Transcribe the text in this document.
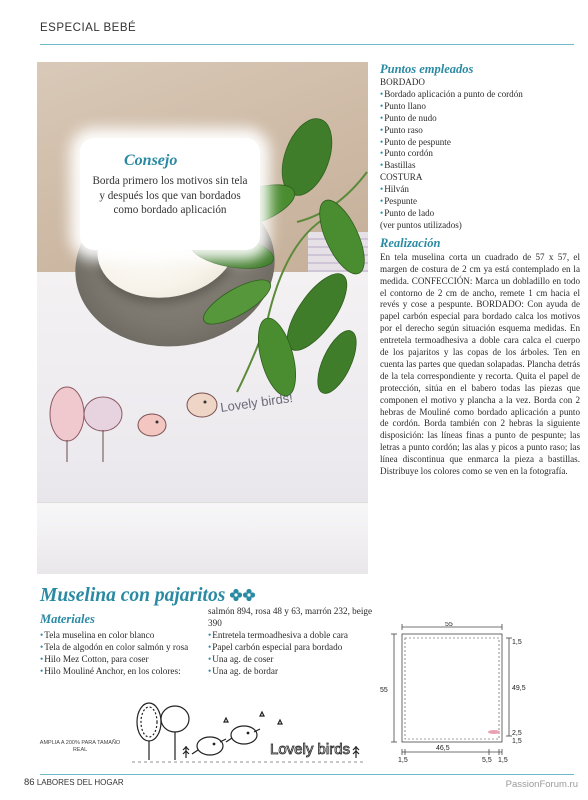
ESPECIAL BEBÉ
Lovely birds!
Consejo
Borda primero los motivos sin tela y después los que van bordados como bordado aplicación
Puntos empleados
BORDADO
• Bordado aplicación a punto de cordón
• Punto llano
• Punto de nudo
• Punto raso
• Punto de pespunte
• Punto cordón
• Bastillas
COSTURA
• Hilván
• Pespunte
• Punto de lado
(ver puntos utilizados)
Realización
En tela muselina corta un cuadrado de 57 x 57, el margen de costura de 2 cm ya está contemplado en la medida. CONFECCIÓN: Marca un dobladillo en todo el contorno de 2 cm de ancho, remete 1 cm hacia el revés y cose a pespunte. BORDADO: Con ayuda de papel carbón especial para bordado calca los motivos por el derecho según situación esquema medidas. En entretela termoadhesiva a doble cara calca el cuerpo de los pajaritos y las copas de los árboles. Ten en cuenta las partes que quedan solapadas. Plancha detrás de la tela correspondiente y recorta. Quita el papel de protección, sitúa en el babero todas las piezas que componen el motivo y plancha a la vez. Borda con 2 hebras de Mouliné como bordado aplicación a punto de cordón. Borda también con 2 hebras la siguiente disposición: las líneas finas a punto de pespunte; las letras a punto cordón; las alas y picos a punto raso; las línea discontinua que enmarca la pieza a bastillas. Distribuye los colores como se ven en la fotografía.
Muselina con pajaritos
Materiales
• Tela muselina en color blanco
• Tela de algodón en color salmón y rosa
• Hilo Mez Cotton, para coser
• Hilo Mouliné Anchor, en los colores:
salmón 894, rosa 48 y 63, marrón 232, beige 390
• Entretela termoadhesiva a doble cara
• Papel carbón especial para bordado
• Una ag. de coser
• Una ag. de bordar
AMPLIA A 200% PARA TAMAÑO REAL	Lovely birds
55
55	49,5
1,5
2,5
1,5
1,5
46,5
5,5 1,5
86 LABORES DEL HOGAR	PassionForum.ru
